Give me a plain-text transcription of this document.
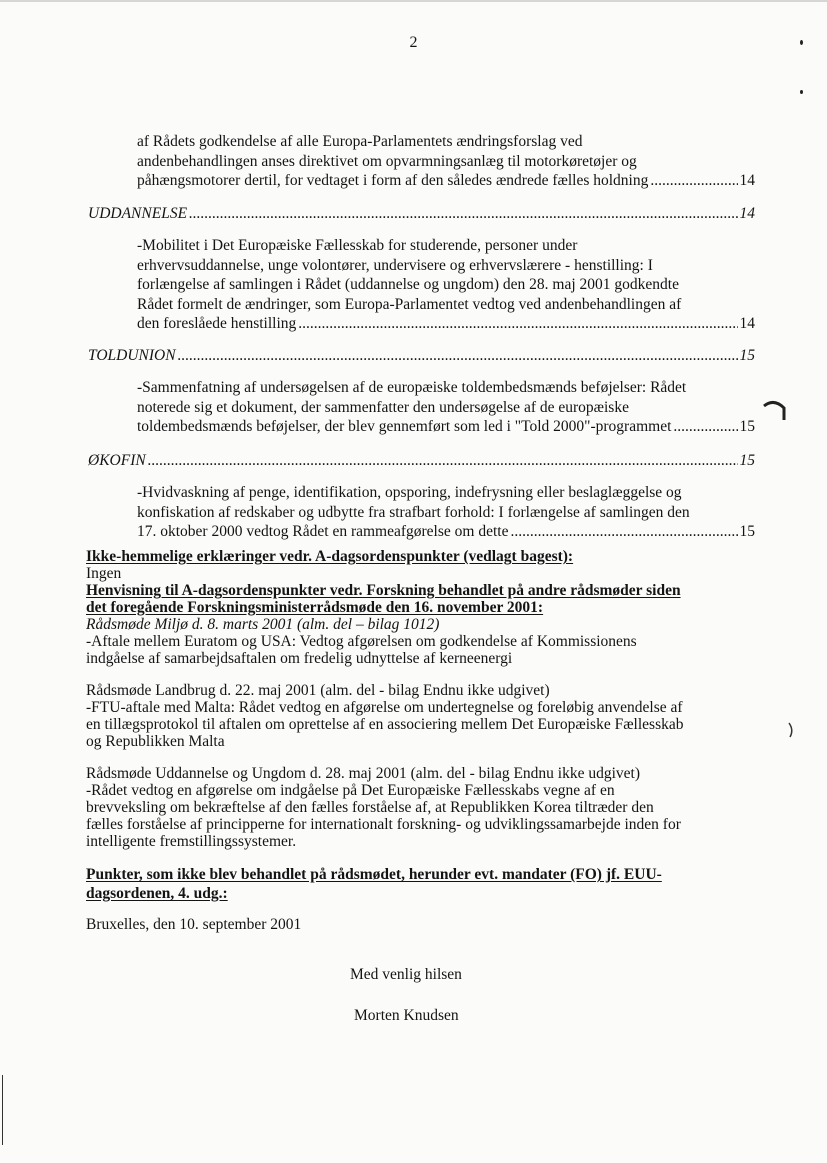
2
af Rådets godkendelse af alle Europa-Parlamentets ændringsforslag ved
andenbehandlingen anses direktivet om opvarmningsanlæg til motorkøretøjer og
påhængsmotorer dertil, for vedtaget i form af den således ændrede fælles holdning .....	14
UDDANNELSE .....	14
-Mobilitet i Det Europæiske Fællesskab for studerende, personer under
erhvervsuddannelse, unge volontører, undervisere og erhvervslærere - henstilling: I
forlængelse af samlingen i Rådet (uddannelse og ungdom) den 28. maj 2001 godkendte
Rådet formelt de ændringer, som Europa-Parlamentet vedtog ved andenbehandlingen af
den foreslåede henstilling .....	14
TOLDUNION .....	15
-Sammenfatning af undersøgelsen af de europæiske toldembedsmænds beføjelser: Rådet
noterede sig et dokument, der sammenfatter den undersøgelse af de europæiske
toldembedsmænds beføjelser, der blev gennemført som led i "Told 2000"-programmet .....	15
ØKOFIN .....	15
-Hvidvaskning af penge, identifikation, opsporing, indefrysning eller beslaglæggelse og
konfiskation af redskaber og udbytte fra strafbart forhold: I forlængelse af samlingen den
17. oktober 2000 vedtog Rådet en rammeafgørelse om dette .....	15
Ikke-hemmelige erklæringer vedr. A-dagsordenspunkter (vedlagt bagest):
Ingen
Henvisning til A-dagsordenspunkter vedr. Forskning behandlet på andre rådsmøder siden
det foregående Forskningsministerrådsmøde den 16. november 2001:
Rådsmøde Miljø d. 8. marts 2001 (alm. del – bilag 1012)
-Aftale mellem Euratom og USA: Vedtog afgørelsen om godkendelse af Kommissionens
indgåelse af samarbejdsaftalen om fredelig udnyttelse af kerneenergi
Rådsmøde Landbrug d. 22. maj 2001 (alm. del - bilag Endnu ikke udgivet)
-FTU-aftale med Malta: Rådet vedtog en afgørelse om undertegnelse og foreløbig anvendelse af
en tillægsprotokol til aftalen om oprettelse af en associering mellem Det Europæiske Fællesskab
og Republikken Malta
Rådsmøde Uddannelse og Ungdom d. 28. maj 2001 (alm. del - bilag Endnu ikke udgivet)
-Rådet vedtog en afgørelse om indgåelse på Det Europæiske Fællesskabs vegne af en
brevveksling om bekræftelse af den fælles forståelse af, at Republikken Korea tiltræder den
fælles forståelse af principperne for internationalt forskning- og udviklingssamarbejde inden for
intelligente fremstillingssystemer.
Punkter, som ikke blev behandlet på rådsmødet, herunder evt. mandater (FO) jf. EUU-
dagsordenen, 4. udg.:
Bruxelles, den 10. september 2001
Med venlig hilsen
Morten Knudsen
